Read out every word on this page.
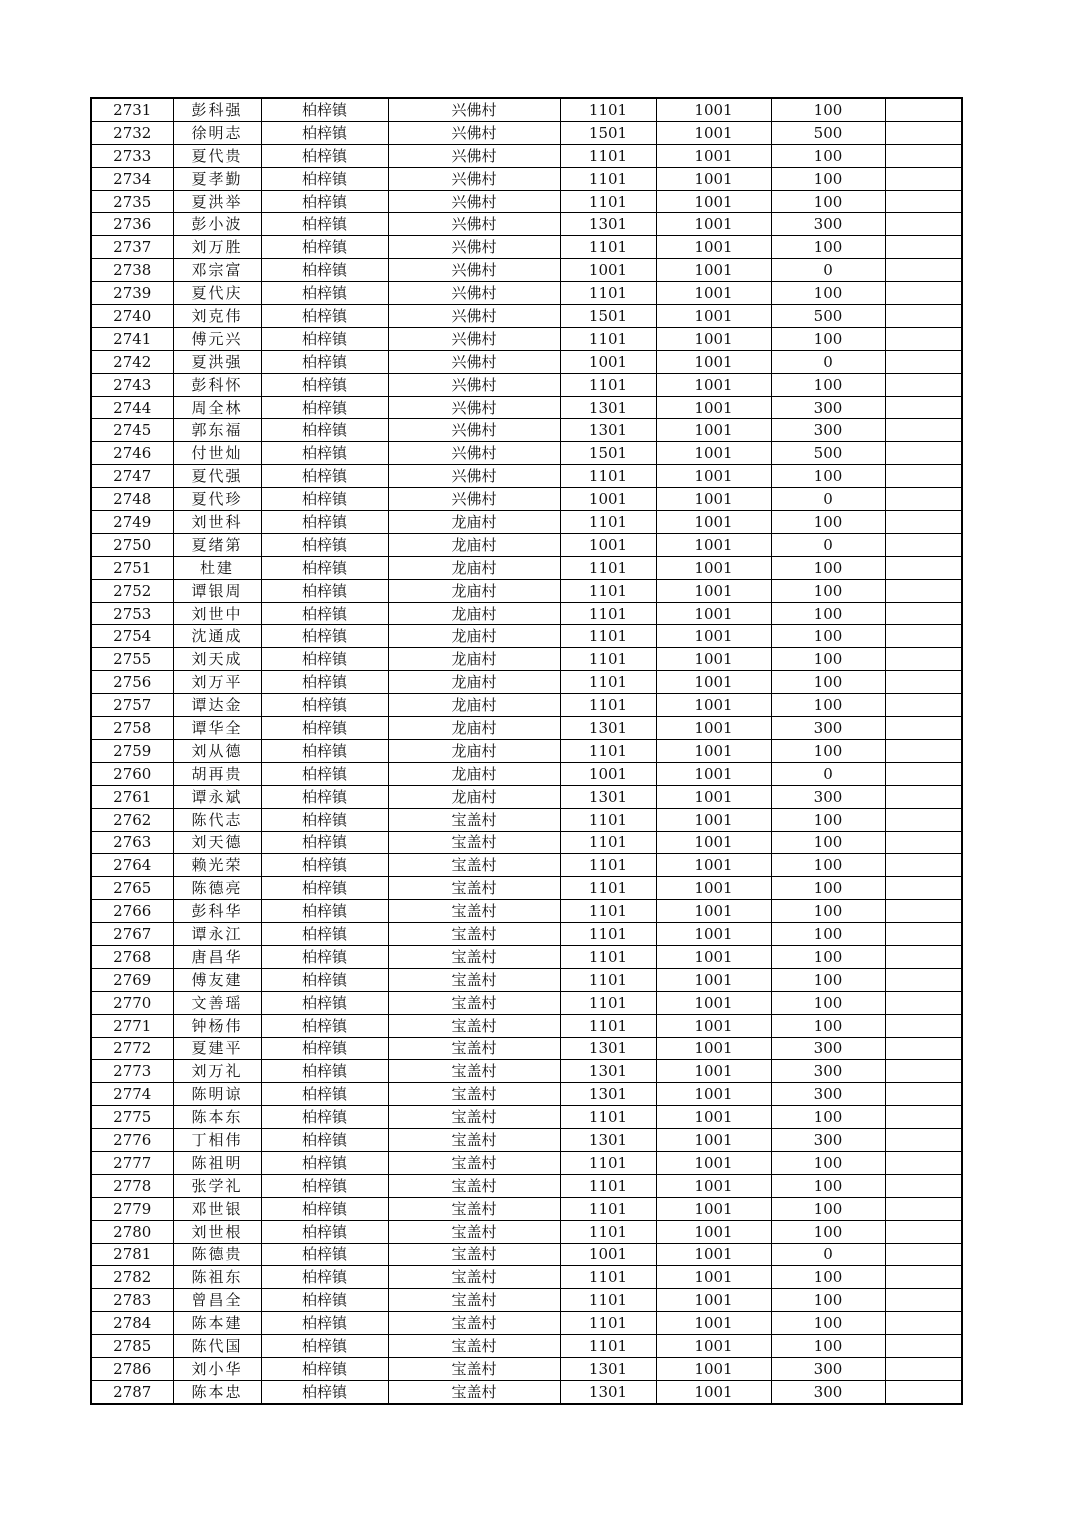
2731	彭科强	柏梓镇	兴佛村	1101	1001	100	
2732	徐明志	柏梓镇	兴佛村	1501	1001	500	
2733	夏代贵	柏梓镇	兴佛村	1101	1001	100	
2734	夏孝勤	柏梓镇	兴佛村	1101	1001	100	
2735	夏洪举	柏梓镇	兴佛村	1101	1001	100	
2736	彭小波	柏梓镇	兴佛村	1301	1001	300	
2737	刘万胜	柏梓镇	兴佛村	1101	1001	100	
2738	邓宗富	柏梓镇	兴佛村	1001	1001	0	
2739	夏代庆	柏梓镇	兴佛村	1101	1001	100	
2740	刘克伟	柏梓镇	兴佛村	1501	1001	500	
2741	傅元兴	柏梓镇	兴佛村	1101	1001	100	
2742	夏洪强	柏梓镇	兴佛村	1001	1001	0	
2743	彭科怀	柏梓镇	兴佛村	1101	1001	100	
2744	周全林	柏梓镇	兴佛村	1301	1001	300	
2745	郭东福	柏梓镇	兴佛村	1301	1001	300	
2746	付世灿	柏梓镇	兴佛村	1501	1001	500	
2747	夏代强	柏梓镇	兴佛村	1101	1001	100	
2748	夏代珍	柏梓镇	兴佛村	1001	1001	0	
2749	刘世科	柏梓镇	龙庙村	1101	1001	100	
2750	夏绪第	柏梓镇	龙庙村	1001	1001	0	
2751	杜建	柏梓镇	龙庙村	1101	1001	100	
2752	谭银周	柏梓镇	龙庙村	1101	1001	100	
2753	刘世中	柏梓镇	龙庙村	1101	1001	100	
2754	沈通成	柏梓镇	龙庙村	1101	1001	100	
2755	刘天成	柏梓镇	龙庙村	1101	1001	100	
2756	刘万平	柏梓镇	龙庙村	1101	1001	100	
2757	谭达金	柏梓镇	龙庙村	1101	1001	100	
2758	谭华全	柏梓镇	龙庙村	1301	1001	300	
2759	刘从德	柏梓镇	龙庙村	1101	1001	100	
2760	胡再贵	柏梓镇	龙庙村	1001	1001	0	
2761	谭永斌	柏梓镇	龙庙村	1301	1001	300	
2762	陈代志	柏梓镇	宝盖村	1101	1001	100	
2763	刘天德	柏梓镇	宝盖村	1101	1001	100	
2764	赖光荣	柏梓镇	宝盖村	1101	1001	100	
2765	陈德亮	柏梓镇	宝盖村	1101	1001	100	
2766	彭科华	柏梓镇	宝盖村	1101	1001	100	
2767	谭永江	柏梓镇	宝盖村	1101	1001	100	
2768	唐昌华	柏梓镇	宝盖村	1101	1001	100	
2769	傅友建	柏梓镇	宝盖村	1101	1001	100	
2770	文善瑶	柏梓镇	宝盖村	1101	1001	100	
2771	钟杨伟	柏梓镇	宝盖村	1101	1001	100	
2772	夏建平	柏梓镇	宝盖村	1301	1001	300	
2773	刘万礼	柏梓镇	宝盖村	1301	1001	300	
2774	陈明谅	柏梓镇	宝盖村	1301	1001	300	
2775	陈本东	柏梓镇	宝盖村	1101	1001	100	
2776	丁相伟	柏梓镇	宝盖村	1301	1001	300	
2777	陈祖明	柏梓镇	宝盖村	1101	1001	100	
2778	张学礼	柏梓镇	宝盖村	1101	1001	100	
2779	邓世银	柏梓镇	宝盖村	1101	1001	100	
2780	刘世根	柏梓镇	宝盖村	1101	1001	100	
2781	陈德贵	柏梓镇	宝盖村	1001	1001	0	
2782	陈祖东	柏梓镇	宝盖村	1101	1001	100	
2783	曾昌全	柏梓镇	宝盖村	1101	1001	100	
2784	陈本建	柏梓镇	宝盖村	1101	1001	100	
2785	陈代国	柏梓镇	宝盖村	1101	1001	100	
2786	刘小华	柏梓镇	宝盖村	1301	1001	300	
2787	陈本忠	柏梓镇	宝盖村	1301	1001	300	
